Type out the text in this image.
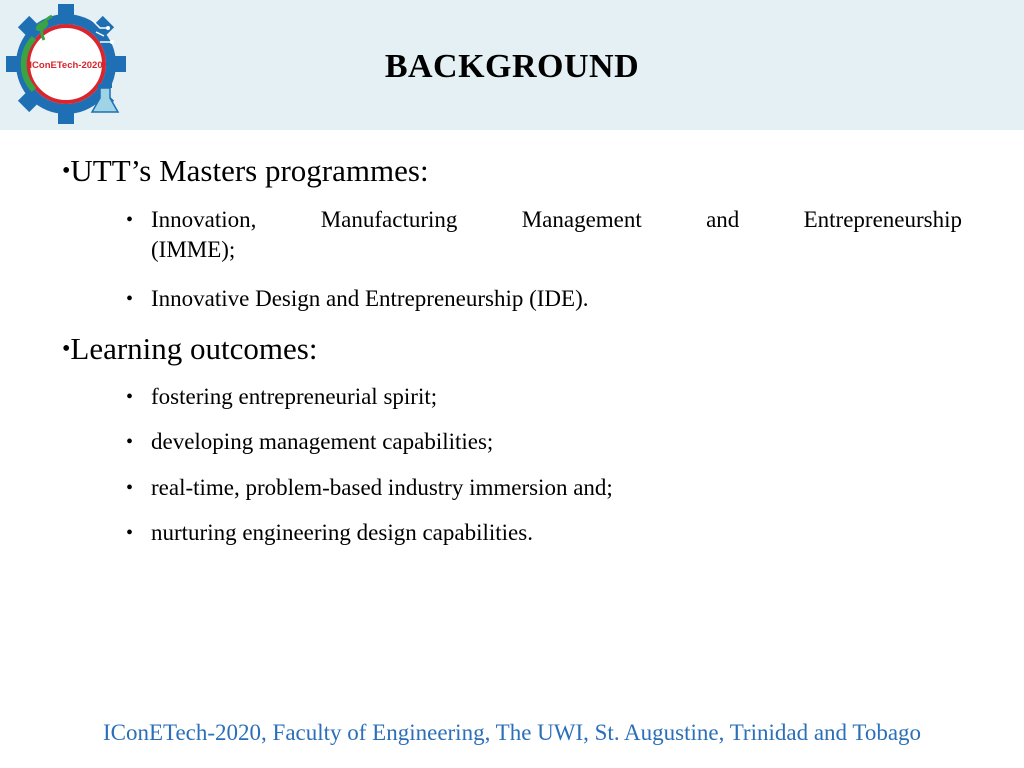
IConETech-2020	BACKGROUND
•UTT’s Masters programmes:
• Innovation, Manufacturing Management and Entrepreneurship
(IMME);
• Innovative Design and Entrepreneurship (IDE).
•Learning outcomes:
• fostering entrepreneurial spirit;
• developing management capabilities;
• real-time, problem-based industry immersion and;
• nurturing engineering design capabilities.
IConETech-2020, Faculty of Engineering, The UWI, St. Augustine, Trinidad and Tobago
